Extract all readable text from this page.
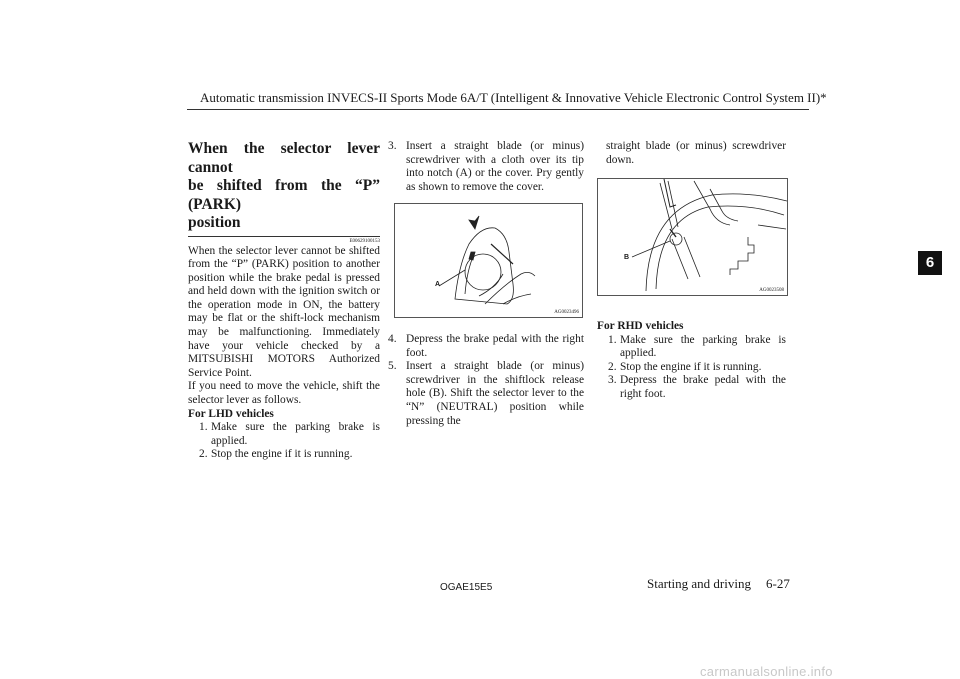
Automatic transmission INVECS-II Sports Mode 6A/T (Intelligent & Innovative Vehicle Electronic Control System II)*
When the selector lever cannot
be shifted from the “P” (PARK)
position
E00629100153

When the selector lever cannot be shifted from the “P” (PARK) position to another position while the brake pedal is pressed and held down with the ignition switch or the operation mode in ON, the battery may be flat or the shift-lock mechanism may be malfunctioning. Immediately have your vehicle checked by a MITSUBISHI MOTORS Authorized Service Point.

If you need to move the vehicle, shift the selector lever as follows.

For LHD vehicles
1. Make sure the parking brake is applied.
2. Stop the engine if it is running.
3. Insert a straight blade (or minus) screwdriver with a cloth over its tip into notch (A) or the cover. Pry gently as shown to remove the cover.
A
AG0023496
4. Depress the brake pedal with the right foot.
5. Insert a straight blade (or minus) screwdriver in the shiftlock release hole (B). Shift the selector lever to the “N” (NEUTRAL) position while pressing the

straight blade (or minus) screwdriver down.

B
AG0023508
For RHD vehicles
1. Make sure the parking brake is applied.
2. Stop the engine if it is running.
3. Depress the brake pedal with the right foot.
6
OGAE15E5	Starting and driving 6-27
carmanualsonline.info
